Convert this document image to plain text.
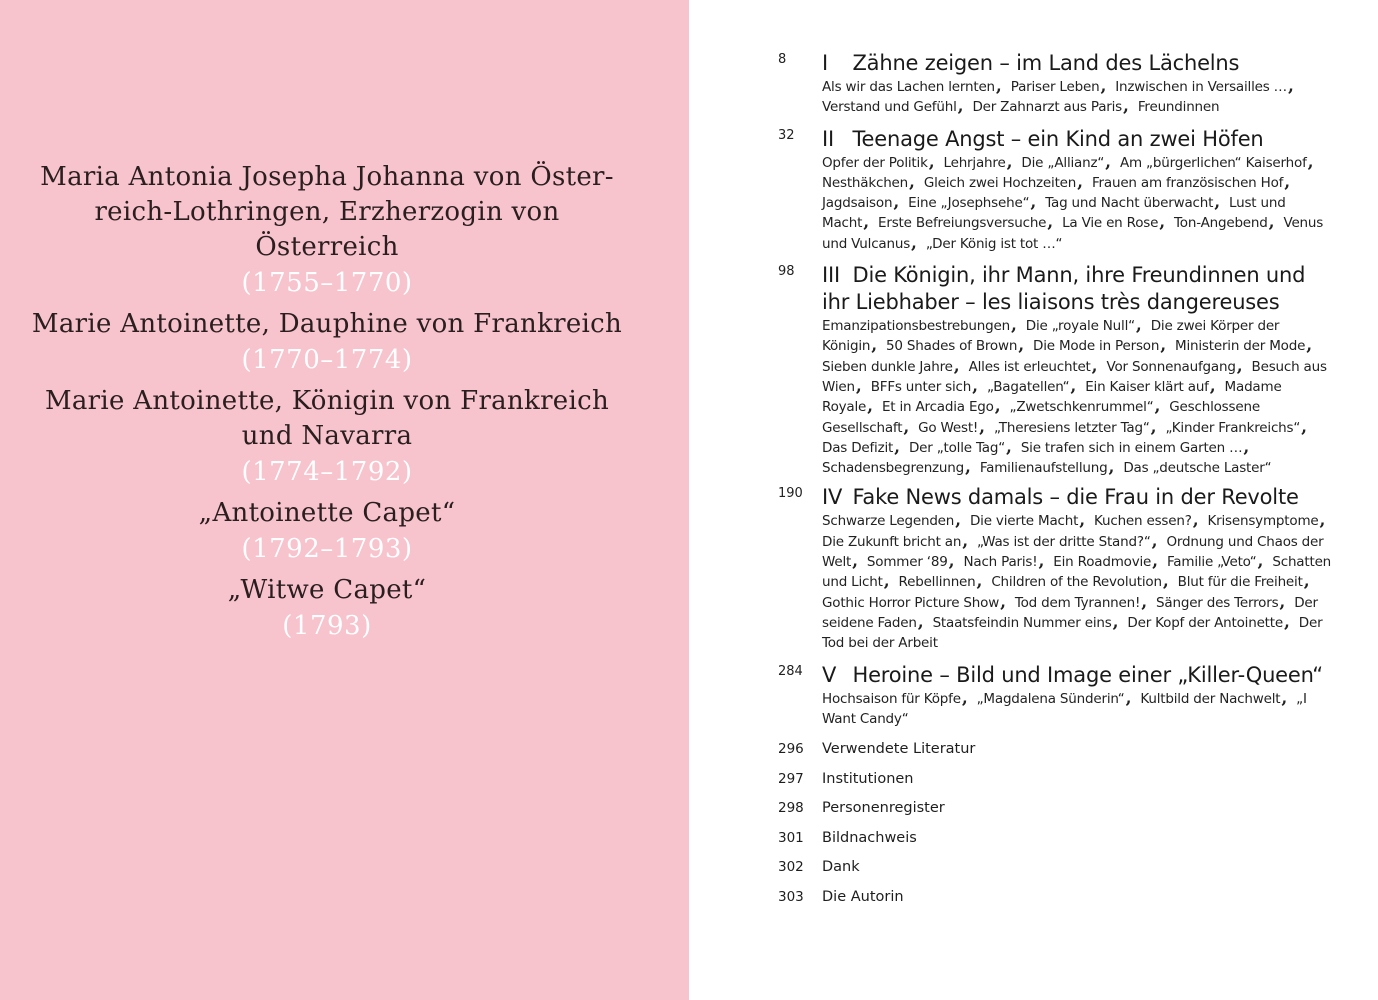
Maria Antonia Josepha Johanna von Öster-
reich-Lothringen, Erzherzogin von Österreich
(1755–1770)
Marie Antoinette, Dauphine von Frankreich
(1770–1774)
Marie Antoinette, Königin von Frankreich
und Navarra
(1774–1792)
„Antoinette Capet“
(1792–1793)
„Witwe Capet“
(1793)
8 I Zähne zeigen – im Land des Lächelns
Als wir das Lachen lernten, Pariser Leben, Inzwischen in Versailles …, Verstand und Gefühl, Der Zahnarzt aus Paris, Freundinnen
32 II Teenage Angst – ein Kind an zwei Höfen
Opfer der Politik, Lehrjahre, Die „Allianz“, Am „bürgerlichen“ Kaiserhof, Nesthäkchen, Gleich zwei Hochzeiten, Frauen am französischen Hof, Jagdsaison, Eine „Josephsehe“, Tag und Nacht überwacht, Lust und Macht, Erste Befreiungsversuche, La Vie en Rose, Ton-Angebend, Venus und Vulcanus, „Der König ist tot …“
98 III Die Königin, ihr Mann, ihre Freundinnen und ihr Liebhaber – les liaisons très dangereuses
Emanzipationsbestrebungen, Die „royale Null“, Die zwei Körper der Königin, 50 Shades of Brown, Die Mode in Person, Ministerin der Mode, Sieben dunkle Jahre, Alles ist erleuchtet, Vor Sonnenaufgang, Besuch aus Wien, BFFs unter sich, „Bagatellen“, Ein Kaiser klärt auf, Madame Royale, Et in Arcadia Ego, „Zwetschkenrummel“, Geschlossene Gesellschaft, Go West!, „Theresiens letzter Tag“, „Kinder Frankreichs“, Das Defizit, Der „tolle Tag“, Sie trafen sich in einem Garten …, Schadensbegrenzung, Familienaufstellung, Das „deutsche Laster“
190 IV Fake News damals – die Frau in der Revolte
Schwarze Legenden, Die vierte Macht, Kuchen essen?, Krisensymptome, Die Zukunft bricht an, „Was ist der dritte Stand?“, Ordnung und Chaos der Welt, Sommer ‘89, Nach Paris!, Ein Roadmovie, Familie „Veto“, Schatten und Licht, Rebellinnen, Children of the Revolution, Blut für die Freiheit, Gothic Horror Picture Show, Tod dem Tyrannen!, Sänger des Terrors, Der seidene Faden, Staatsfeindin Nummer eins, Der Kopf der Antoinette, Der Tod bei der Arbeit
284 V Heroine – Bild und Image einer „Killer-Queen“
Hochsaison für Köpfe, „Magdalena Sünderin“, Kultbild der Nachwelt, „I Want Candy“
296 Verwendete Literatur
297 Institutionen
298 Personenregister
301 Bildnachweis
302 Dank
303 Die Autorin
